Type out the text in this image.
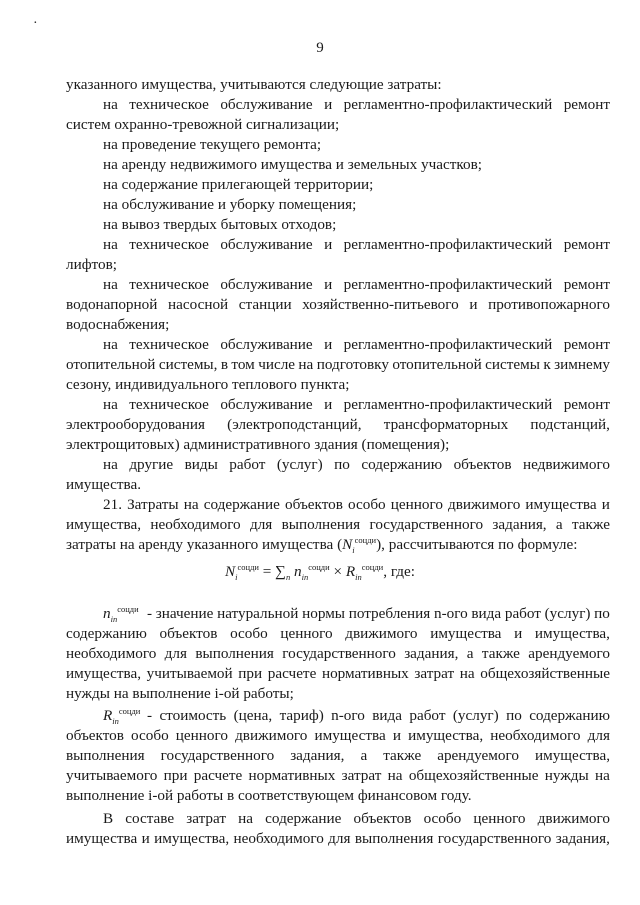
·
9
указанного имущества, учитываются следующие затраты:
на техническое обслуживание и регламентно-профилактический ремонт
систем охранно-тревожной сигнализации;
на проведение текущего ремонта;
на аренду недвижимого имущества и земельных участков;
на содержание прилегающей территории;
на обслуживание и уборку помещения;
на вывоз твердых бытовых отходов;
на техническое обслуживание и регламентно-профилактический ремонт
лифтов;
на техническое обслуживание и регламентно-профилактический ремонт
водонапорной насосной станции хозяйственно-питьевого и противопожарного
водоснабжения;
на техническое обслуживание и регламентно-профилактический ремонт
отопительной системы, в том числе на подготовку отопительной системы к зимнему
сезону, индивидуального теплового пункта;
на техническое обслуживание и регламентно-профилактический ремонт
электрооборудования (электроподстанций, трансформаторных подстанций,
электрощитовых) административного здания (помещения);
на другие виды работ (услуг) по содержанию объектов недвижимого
имущества.
21. Затраты на содержание объектов особо ценного движимого имущества и
имущества, необходимого для выполнения государственного задания, а также
затраты на аренду указанного имущества $(N_i^{соцди})$, рассчитываются по формуле:
$N_i^{соцди} = \sum_n$ $n_{in}^{соцди} \times R_{in}^{соцди}$, где:
$n_{in}^{соцди}$ - значение натуральной нормы потребления n-ого вида работ (услуг) по
содержанию объектов особо ценного движимого имущества и имущества,
необходимого для выполнения государственного задания, а также арендуемого
имущества, учитываемой при расчете нормативных затрат на общехозяйственные
нужды на выполнение i-ой работы;
$R_{in}^{соцди}$ - стоимость (цена, тариф) n-ого вида работ (услуг) по содержанию
объектов особо ценного движимого имущества и имущества, необходимого для
выполнения государственного задания, а также арендуемого имущества,
учитываемого при расчете нормативных затрат на общехозяйственные нужды на
выполнение i-ой работы в соответствующем финансовом году.
В составе затрат на содержание объектов особо ценного движимого
имущества и имущества, необходимого для выполнения государственного задания,
